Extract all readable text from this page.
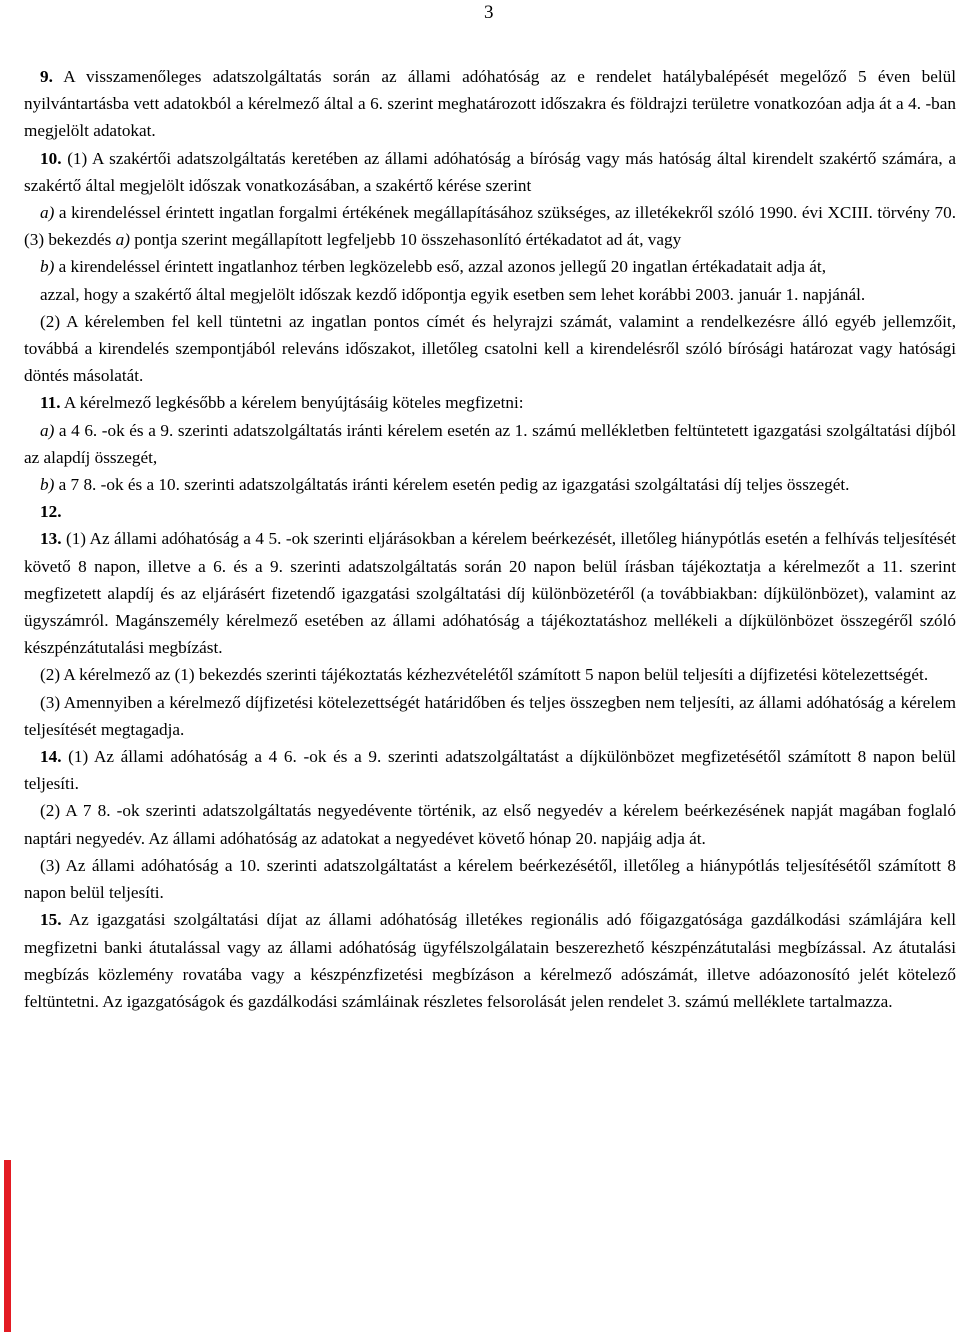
3

9. A visszamenőleges adatszolgáltatás során az állami adóhatóság az e rendelet hatálybalépését megelőző 5 éven belül nyilvántartásba vett adatokból a kérelmező által a 6. szerint meghatározott időszakra és földrajzi területre vonatkozóan adja át a 4. -ban megjelölt adatokat.

10. (1) A szakértői adatszolgáltatás keretében az állami adóhatóság a bíróság vagy más hatóság által kirendelt szakértő számára, a szakértő által megjelölt időszak vonatkozásában, a szakértő kérése szerint

a) a kirendeléssel érintett ingatlan forgalmi értékének megállapításához szükséges, az illetékekről szóló 1990. évi XCIII. törvény 70. (3) bekezdés a) pontja szerint megállapított legfeljebb 10 összehasonlító értékadatot ad át, vagy

b) a kirendeléssel érintett ingatlanhoz térben legközelebb eső, azzal azonos jellegű 20 ingatlan értékadatait adja át,

azzal, hogy a szakértő által megjelölt időszak kezdő időpontja egyik esetben sem lehet korábbi 2003. január 1. napjánál.

(2) A kérelemben fel kell tüntetni az ingatlan pontos címét és helyrajzi számát, valamint a rendelkezésre álló egyéb jellemzőit, továbbá a kirendelés szempontjából releváns időszakot, illetőleg csatolni kell a kirendelésről szóló bírósági határozat vagy hatósági döntés másolatát.

11. A kérelmező legkésőbb a kérelem benyújtásáig köteles megfizetni:

a) a 4 6. -ok és a 9. szerinti adatszolgáltatás iránti kérelem esetén az 1. számú mellékletben feltüntetett igazgatási szolgáltatási díjból az alapdíj összegét,

b) a 7 8. -ok és a 10. szerinti adatszolgáltatás iránti kérelem esetén pedig az igazgatási szolgáltatási díj teljes összegét.

12.

13. (1) Az állami adóhatóság a 4 5. -ok szerinti eljárásokban a kérelem beérkezését, illetőleg hiánypótlás esetén a felhívás teljesítését követő 8 napon, illetve a 6. és a 9. szerinti adatszolgáltatás során 20 napon belül írásban tájékoztatja a kérelmezőt a 11. szerint megfizetett alapdíj és az eljárásért fizetendő igazgatási szolgáltatási díj különbözetéről (a továbbiakban: díjkülönbözet), valamint az ügyszámról. Magánszemély kérelmező esetében az állami adóhatóság a tájékoztatáshoz mellékeli a díjkülönbözet összegéről szóló készpénzátutalási megbízást.

(2) A kérelmező az (1) bekezdés szerinti tájékoztatás kézhezvételétől számított 5 napon belül teljesíti a díjfizetési kötelezettségét.

(3) Amennyiben a kérelmező díjfizetési kötelezettségét határidőben és teljes összegben nem teljesíti, az állami adóhatóság a kérelem teljesítését megtagadja.

14. (1) Az állami adóhatóság a 4 6. -ok és a 9. szerinti adatszolgáltatást a díjkülönbözet megfizetésétől számított 8 napon belül teljesíti.

(2) A 7 8. -ok szerinti adatszolgáltatás negyedévente történik, az első negyedév a kérelem beérkezésének napját magában foglaló naptári negyedév. Az állami adóhatóság az adatokat a negyedévet követő hónap 20. napjáig adja át.

(3) Az állami adóhatóság a 10. szerinti adatszolgáltatást a kérelem beérkezésétől, illetőleg a hiánypótlás teljesítésétől számított 8 napon belül teljesíti.

15. Az igazgatási szolgáltatási díjat az állami adóhatóság illetékes regionális adó főigazgatósága gazdálkodási számlájára kell megfizetni banki átutalással vagy az állami adóhatóság ügyfélszolgálatain beszerezhető készpénzátutalási megbízással. Az átutalási megbízás közlemény rovatába vagy a készpénzfizetési megbízáson a kérelmező adószámát, illetve adóazonosító jelét kötelező feltüntetni. Az igazgatóságok és gazdálkodási számláinak részletes felsorolását jelen rendelet 3. számú melléklete tartalmazza.
